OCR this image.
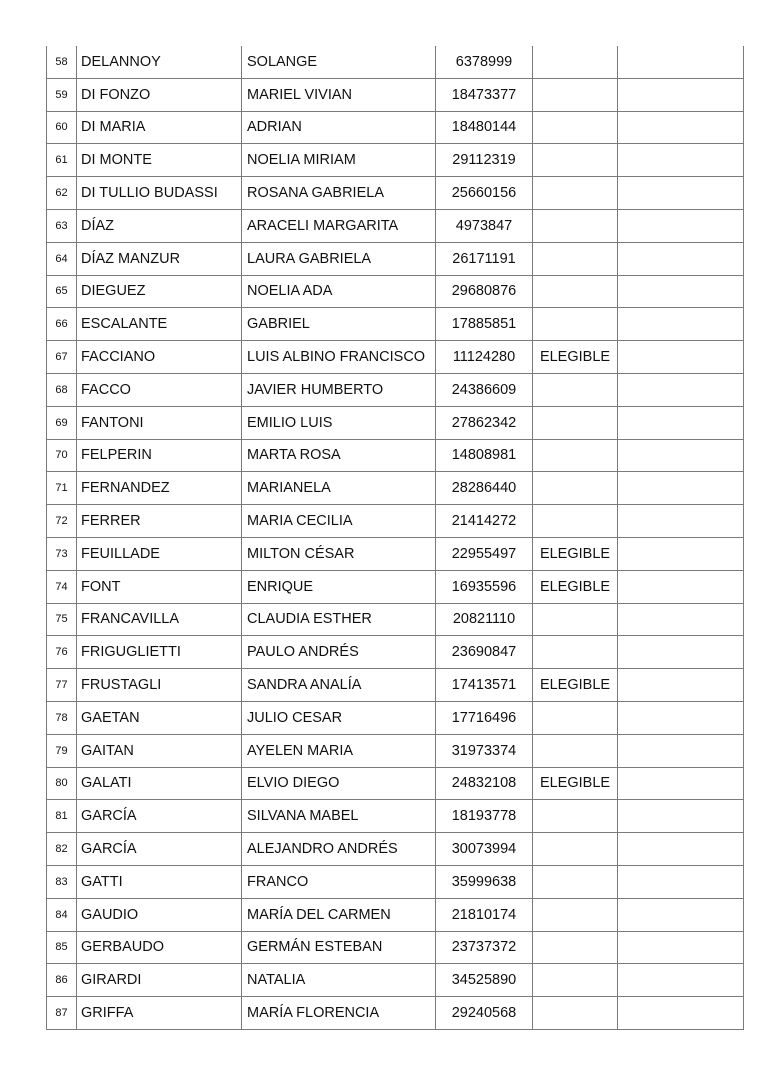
58	DELANNOY	SOLANGE	6378999		
59	DI FONZO	MARIEL VIVIAN	18473377		
60	DI MARIA	ADRIAN	18480144		
61	DI MONTE	NOELIA MIRIAM	29112319		
62	DI TULLIO BUDASSI	ROSANA GABRIELA	25660156		
63	DÍAZ	ARACELI MARGARITA	4973847		
64	DÍAZ MANZUR	LAURA GABRIELA	26171191		
65	DIEGUEZ	NOELIA ADA	29680876		
66	ESCALANTE	GABRIEL	17885851		
67	FACCIANO	LUIS ALBINO FRANCISCO	11124280	ELEGIBLE	
68	FACCO	JAVIER HUMBERTO	24386609		
69	FANTONI	EMILIO LUIS	27862342		
70	FELPERIN	MARTA ROSA	14808981		
71	FERNANDEZ	MARIANELA	28286440		
72	FERRER	MARIA CECILIA	21414272		
73	FEUILLADE	MILTON CÉSAR	22955497	ELEGIBLE	
74	FONT	ENRIQUE	16935596	ELEGIBLE	
75	FRANCAVILLA	CLAUDIA ESTHER	20821110		
76	FRIGUGLIETTI	PAULO ANDRÉS	23690847		
77	FRUSTAGLI	SANDRA ANALÍA	17413571	ELEGIBLE	
78	GAETAN	JULIO CESAR	17716496		
79	GAITAN	AYELEN MARIA	31973374		
80	GALATI	ELVIO DIEGO	24832108	ELEGIBLE	
81	GARCÍA	SILVANA MABEL	18193778		
82	GARCÍA	ALEJANDRO ANDRÉS	30073994		
83	GATTI	FRANCO	35999638		
84	GAUDIO	MARÍA DEL CARMEN	21810174		
85	GERBAUDO	GERMÁN ESTEBAN	23737372		
86	GIRARDI	NATALIA	34525890		
87	GRIFFA	MARÍA FLORENCIA	29240568		
